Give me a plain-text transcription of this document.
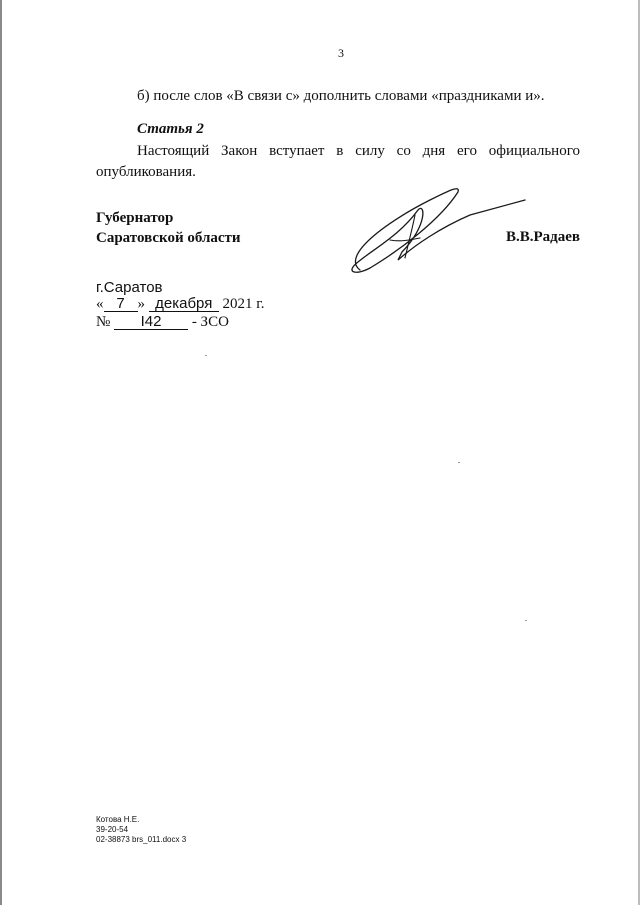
3
б) после слов «В связи с» дополнить словами «праздниками и».
Статья 2
Настоящий Закон вступает в силу со дня его официального опубликования.
Губернатор
Саратовской области	В.В.Радаев
г.Саратов
« 7 » декабря 2021 г.
№ I42 - ЗСО
Котова Н.Е.
39-20-54
02-38873 brs_011.docx 3
